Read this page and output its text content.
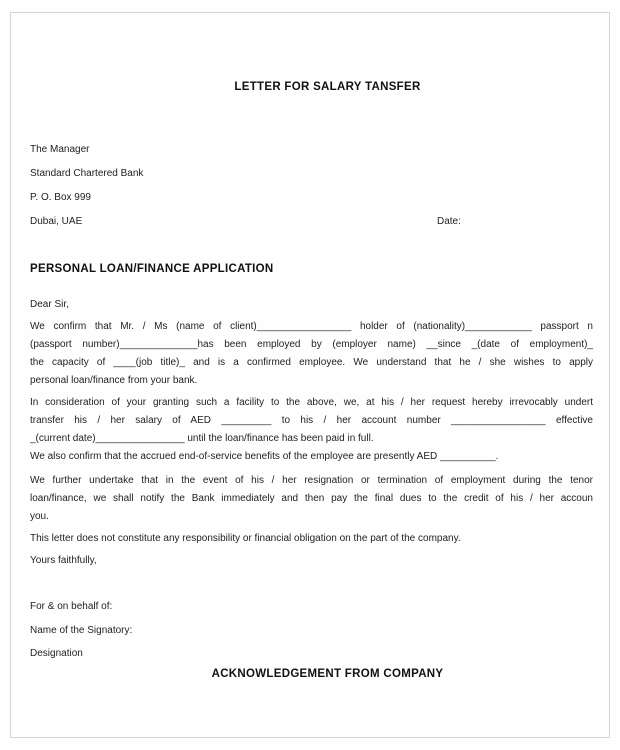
LETTER FOR SALARY TANSFER
The Manager
Standard Chartered Bank
P. O. Box 999
Dubai, UAE	Date:
PERSONAL LOAN/FINANCE APPLICATION
Dear Sir,
We confirm that Mr. / Ms (name of client)_________________ holder of (nationality)____________ passport n
(passport number)______________has been employed by (employer name) __since _(date of employment)_
the capacity of ____(job title)_ and is a confirmed employee. We understand that he / she wishes to apply
personal loan/finance from your bank.
In consideration of your granting such a facility to the above, we, at his / her request hereby irrevocably undert
transfer his / her salary of AED _________ to his / her account number _________________ effective
_(current date)________________ until the loan/finance has been paid in full.
We also confirm that the accrued end-of-service benefits of the employee are presently AED __________.
We further undertake that in the event of his / her resignation or termination of employment during the tenor
loan/finance, we shall notify the Bank immediately and then pay the final dues to the credit of his / her accoun
you.
This letter does not constitute any responsibility or financial obligation on the part of the company.
Yours faithfully,
For & on behalf of:
Name of the Signatory:
Designation
ACKNOWLEDGEMENT FROM COMPANY
